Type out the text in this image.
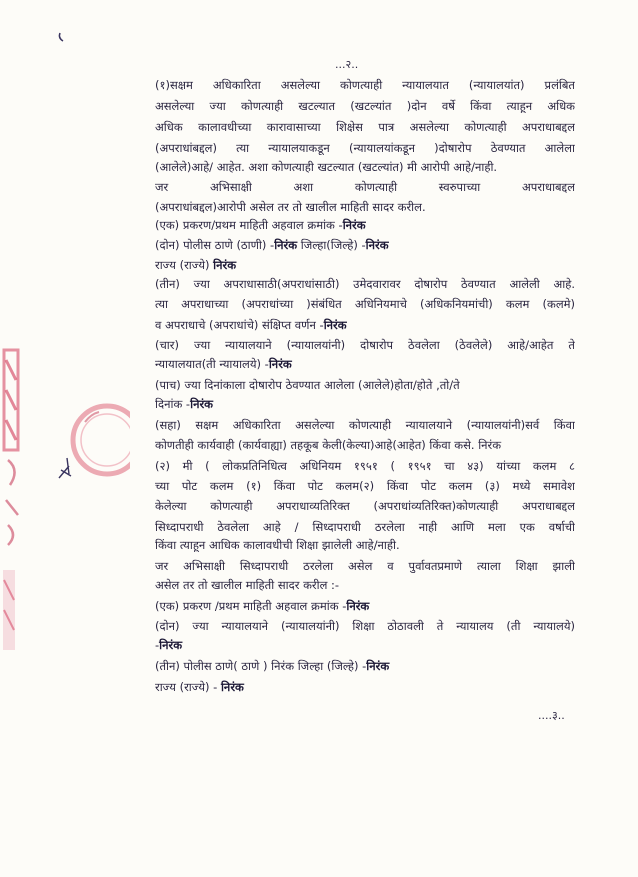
...२..
(१)सक्षम अधिकारिता असलेल्या कोणत्याही न्यायालयात (न्यायालयांत) प्रलंबित
असलेल्या ज्या कोणत्याही खटल्यात (खटल्यांत )दोन वर्षे किंवा त्याहून अधिक
अधिक कालावधीच्या कारावासाच्या शिक्षेस पात्र असलेल्या कोणत्याही अपराधाबद्दल
(अपराधांबद्दल) त्या न्यायालयाकडून (न्यायालयांकडून )दोषारोप ठेवण्यात आलेला
(आलेले)आहे/ आहेत. अशा कोणत्याही खटल्यात (खटल्यांत) मी आरोपी आहे/नाही.
जर अभिसाक्षी अशा कोणत्याही स्वरुपाच्या अपराधाबद्दल
(अपराधांबद्दल)आरोपी असेल तर तो खालील माहिती सादर करील.
(एक) प्रकरण/प्रथम माहिती अहवाल क्रमांक -निरंक
(दोन) पोलीस ठाणे (ठाणी) -निरंक जिल्हा(जिल्हे) -निरंक
राज्य (राज्ये) निरंक
(तीन) ज्या अपराधासाठी(अपराधांसाठी) उमेदवारावर दोषारोप ठेवण्यात आलेली आहे.
त्या अपराधाच्या (अपराधांच्या )संबंधित अधिनियमाचे (अधिकनियमांची) कलम (कलमे)
व अपराधाचे (अपराधांचे) संक्षिप्त वर्णन -निरंक
(चार) ज्या न्यायालयाने (न्यायालयांनी) दोषारोप ठेवलेला (ठेवलेले) आहे/आहेत ते
न्यायालयात(ती न्यायालये) -निरंक
(पाच) ज्या दिनांकाला दोषारोप ठेवण्यात आलेला (आलेले)होता/होते ,तो/ते
दिनांक -निरंक
(सहा) सक्षम अधिकारिता असलेल्या कोणत्याही न्यायालयाने (न्यायालयांनी)सर्व किंवा
कोणतीही कार्यवाही (कार्यवाह्या) तहकूब केली(केल्या)आहे(आहेत) किंवा कसे. निरंक
(२) मी ( लोकप्रतिनिधित्व अधिनियम १९५१ ( १९५१ चा ४३) यांच्या कलम ८
च्या पोट कलम (१) किंवा पोट कलम(२) किंवा पोट कलम (३) मध्ये समावेश
केलेल्या कोणत्याही अपराधाव्यतिरिक्त (अपराधांव्यतिरिक्त)कोणत्याही अपराधाबद्दल
सिध्दापराधी ठेवलेला आहे / सिध्दापराधी ठरलेला नाही आणि मला एक वर्षाची
किंवा त्याहून आधिक कालावधीची शिक्षा झालेली आहे/नाही.
जर अभिसाक्षी सिध्दापराधी ठरलेला असेल व पुर्वावतप्रमाणे त्याला शिक्षा झाली
असेल तर तो खालील माहिती सादर करील :-
(एक) प्रकरण /प्रथम माहिती अहवाल क्रमांक -निरंक
(दोन) ज्या न्यायालयाने (न्यायालयांनी) शिक्षा ठोठावली ते न्यायालय (ती न्यायालये)
-निरंक
(तीन) पोलीस ठाणे( ठाणे ) निरंक जिल्हा (जिल्हे) -निरंक
राज्य (राज्ये) - निरंक
....३..
